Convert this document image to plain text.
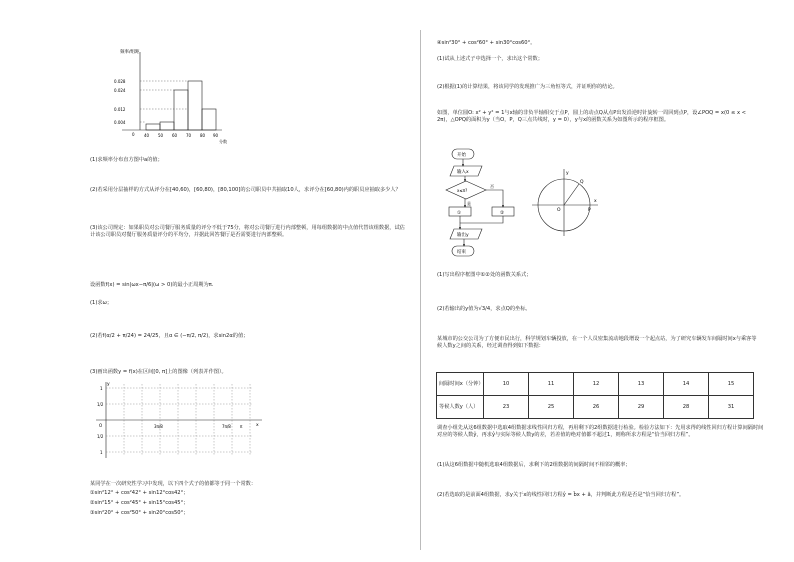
频率/组距
0.028
0.024
0.012
0.004
0 40 50 60 70 80 90
分数
(1)求频率分布直方图中a的值；
(2)若采用分层抽样的方式从评分在[40,60)，[60,80)，[80,100]的公司职员中共抽取10人，求评分在[60,80)内的职员应抽取多少人？
(3)该公司规定：如果职员对公司餐厅服务质量的评分不低于75分，将对公司餐厅进行内部整顿，用每组数据的中点值代替该组数据，试估计该公司职员对餐厅服务质量评分的平均分，并据此回答餐厅是否需要进行内部整顿。
设函数f(x) = sin|ωx−π/6|(ω > 0)的最小正周期为π.
(1)求ω；
(2)若f(α/2 + π/24) = 24/25，且α ∈ (−π/2, π/2)，求sin2α的值；
(3)画出函数y = f(x)在区间[0, π]上的图像（列表并作图）。
y
1
1/2
1/2
1
O	3π/8	7π/8 π	x
某同学在一次研究性学习中发现，以下四个式子的值都等于同一个常数：
①sin²12° + cos²42° + sin12°cos42°；
②sin²15° + cos²45° + sin15°cos45°；
③sin²20° + cos²50° + sin20°cos50°；
④sin²30° + cos²60° + sin30°cos60°。
(1)试从上述式子中选择一个，求出这个常数；
(2)根据(1)的计算结果，将该同学的发现推广为三角恒等式，并证明你的结论。
如图，单位圆O: x² + y² = 1与x轴的非负半轴相交于点P，圆上的动点Q从点P出发沿逆时针旋转一周回到点P，设∠POQ = x(0 ≤ x < 2π)，△OPQ的面积为y（当O，P，Q三点共线时，y = 0），y与x的函数关系为如图所示的程序框图。
开始
输入x
x≤π?
是
否
①	②
输出y
结束
y
x
Q
O	P
(1)写出程序框图中①②处的函数关系式；
(2)若输出的y值为√3/4，求点Q的坐标。
某城市的公交公司为了方便市民出行，科学规划车辆投放，在一个人员密集流动地段增设一个起点站，为了研究车辆发车间隔时间x与乘客等候人数y之间的关系，经过调查得到如下数据：
间隔时间x（分钟）	10	11	12	13	14	15
等候人数y（人）	23	25	26	29	28	31
调查小组先从这6组数据中选取4组数据求线性回归方程，再用剩下的2组数据进行检验。检验方法如下：先用求得的线性回归方程计算间隔时间对应的等候人数ŷ，再求ŷ与实际等候人数y的差，若差值的绝对值都不超过1，则称所求方程是“恰当回归方程”。
(1)从这6组数据中随机选取4组数据后，求剩下的2组数据的间隔时间不相邻的概率；
(2)若选取的是前面4组数据，求y关于x的线性回归方程ŷ = b̂x + â，并判断此方程是否是“恰当回归方程”。
